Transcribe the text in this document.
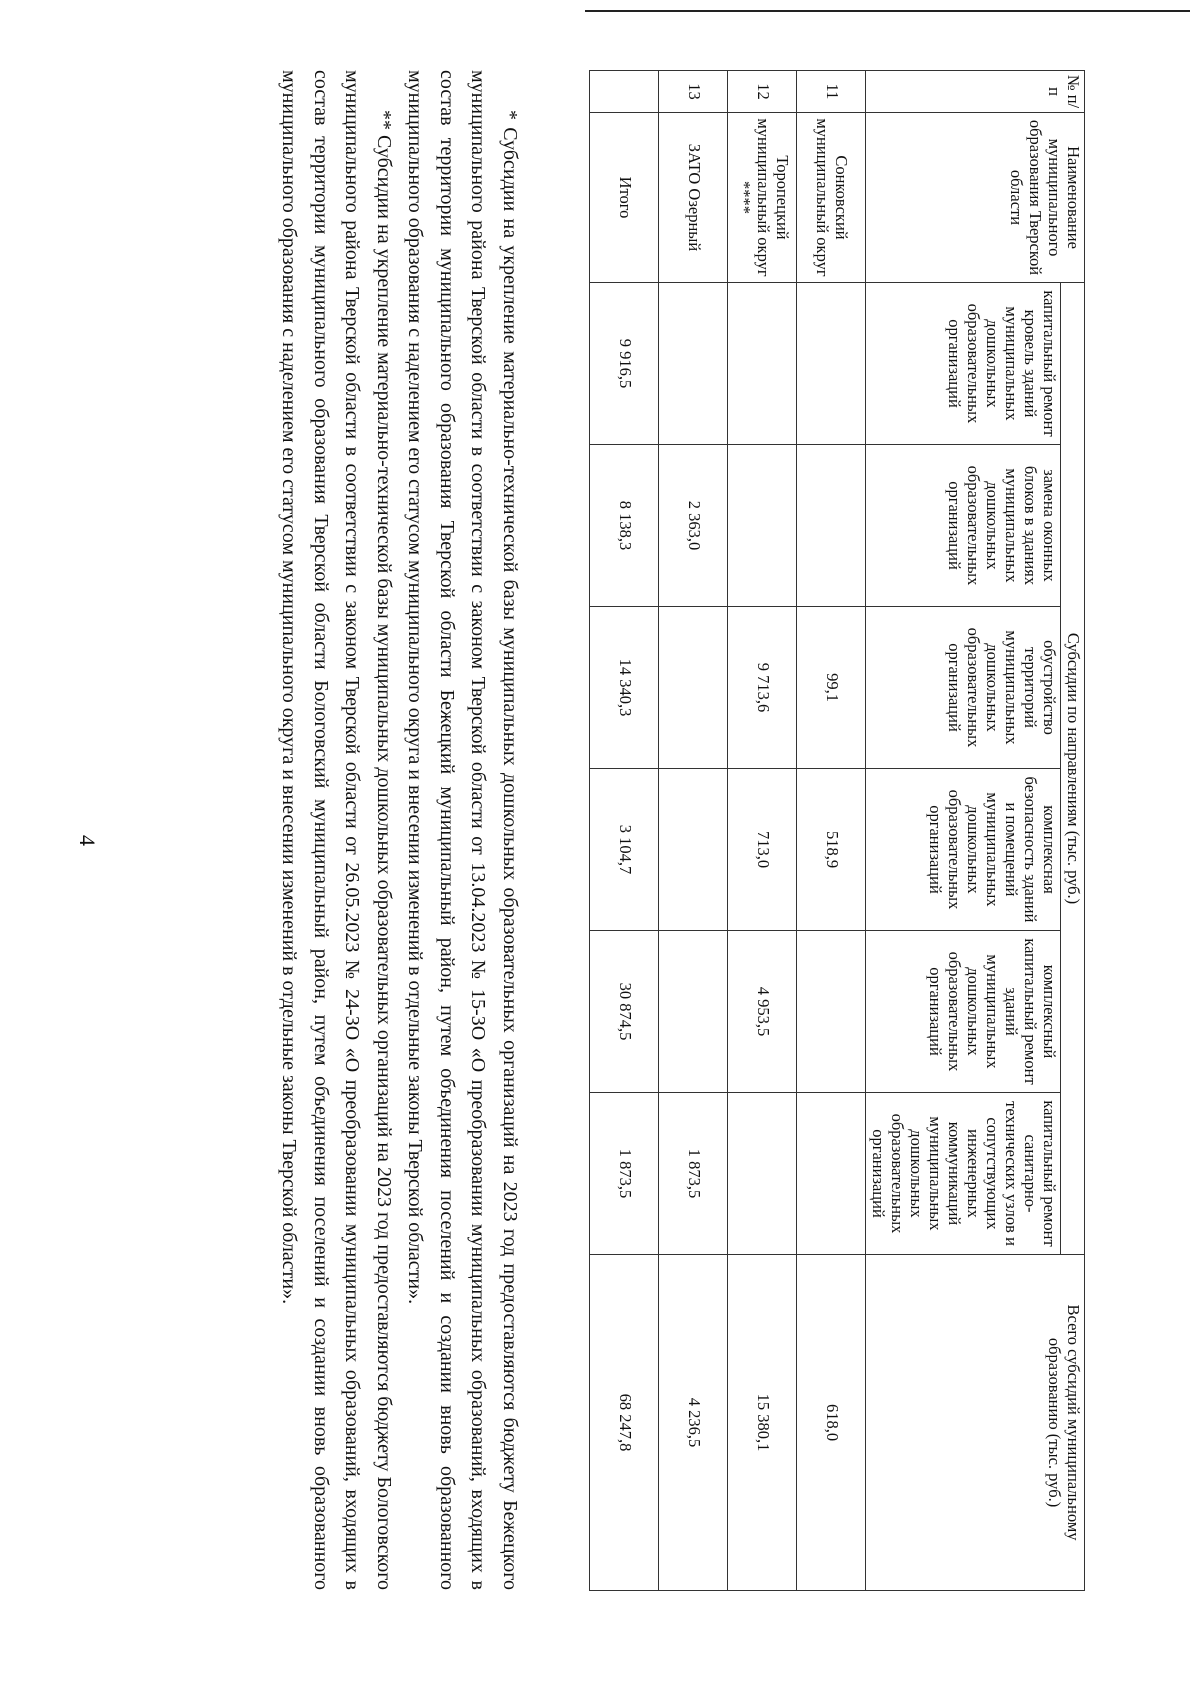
4
№ п/п	Наименование муниципального образования Тверской области	Субсидии по направлениям (тыс. руб.)						Всего субсидий муниципальному образованию (тыс. руб.)
		капитальный ремонт кровель зданий муниципальных дошкольных образовательных организаций	замена оконных блоков в зданиях муниципальных дошкольных образовательных организаций	обустройство территорий муниципальных дошкольных образовательных организаций	комплексная безопасность зданий и помещений муниципальных дошкольных образовательных организаций	комплексный капитальный ремонт зданий муниципальных дошкольных образовательных организаций	капитальный ремонт санитарно-технических узлов и сопутствующих инженерных коммуникаций муниципальных дошкольных образовательных организаций	
11	Сонковский муниципальный округ			99,1	518,9			618,0
12	Торопецкий муниципальный округ ****			9 713,6	713,0	4 953,5		15 380,1
13	ЗАТО Озерный		2 363,0				1 873,5	4 236,5
	Итого	9 916,5	8 138,3	14 340,3	3 104,7	30 874,5	1 873,5	68 247,8

* Субсидии на укрепление материально-технической базы муниципальных дошкольных образовательных организаций на 2023 год предоставляются бюджету Бежецкого муниципального района Тверской области в соответствии с законом Тверской области от 13.04.2023 № 15-ЗО «О преобразовании муниципальных образований, входящих в состав территории муниципального образования Тверской области Бежецкий муниципальный район, путем объединения поселений и создании вновь образованного муниципального образования с наделением его статусом муниципального округа и внесении изменений в отдельные законы Тверской области».

** Субсидии на укрепление материально-технической базы муниципальных дошкольных образовательных организаций на 2023 год предоставляются бюджету Бологовского муниципального района Тверской области в соответствии с законом Тверской области от 26.05.2023 № 24-ЗО «О преобразовании муниципальных образований, входящих в состав территории муниципального образования Тверской области Бологовский муниципальный район, путем объединения поселений и создании вновь образованного муниципального образования с наделением его статусом муниципального округа и внесении изменений в отдельные законы Тверской области».
